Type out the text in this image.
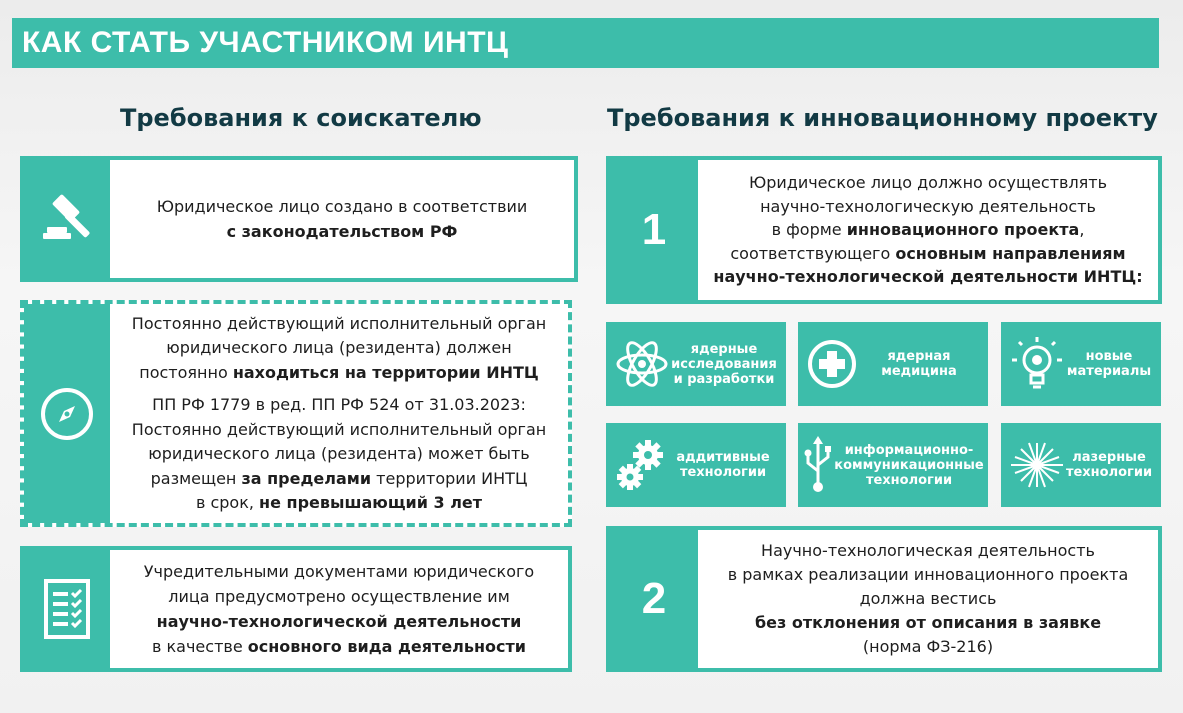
КАК СТАТЬ УЧАСТНИКОМ ИНТЦ
Требования к соискателю
Юридическое лицо создано в соответствии
с законодательством РФ
Постоянно действующий исполнительный орган
юридического лица (резидента) должен
постоянно находиться на территории ИНТЦ
ПП РФ 1779 в ред. ПП РФ 524 от 31.03.2023:
Постоянно действующий исполнительный орган
юридического лица (резидента) может быть
размещен за пределами территории ИНТЦ
в срок, не превышающий 3 лет
Учредительными документами юридического
лица предусмотрено осуществление им
научно-технологической деятельности
в качестве основного вида деятельности
Требования к инновационному проекту
1
Юридическое лицо должно осуществлять
научно-технологическую деятельность
в форме инновационного проекта,
соответствующего основным направлениям
научно-технологической деятельности ИНТЦ:
ядерные
исследования
и разработки
ядерная
медицина
новые
материалы
аддитивные
технологии
информационно-
коммуникационные
технологии
лазерные
технологии
2
Научно-технологическая деятельность
в рамках реализации инновационного проекта
должна вестись
без отклонения от описания в заявке
(норма ФЗ-216)
